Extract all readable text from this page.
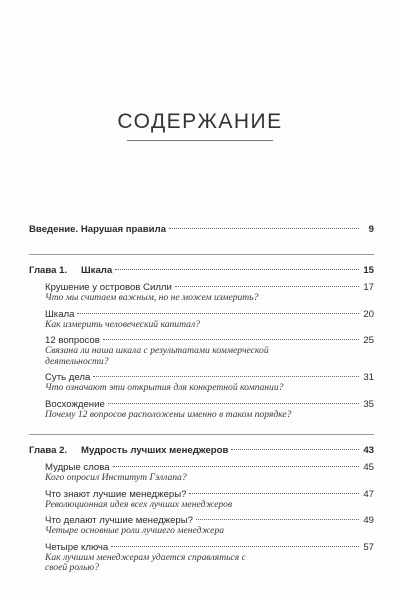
СОДЕРЖАНИЕ
Введение. Нарушая правила	9
Глава 1. Шкала	15
Крушение у островов Силли	17
Что мы считаем важным, но не можем измерить?
Шкала	20
Как измерить человеческий капитал?
12 вопросов	25
Связана ли наша шкала с результатами коммерческой деятельности?
Суть дела	31
Что означают эти открытия для конкретной компании?
Восхождение	35
Почему 12 вопросов расположены именно в таком порядке?
Глава 2. Мудрость лучших менеджеров	43
Мудрые слова	45
Кого опросил Институт Гэллапа?
Что знают лучшие менеджеры?	47
Революционная идея всех лучших менеджеров
Что делают лучшие менеджеры?	49
Четыре основные роли лучшего менеджера
Четыре ключа	57
Как лучшим менеджерам удается справляться с своей ролью?
